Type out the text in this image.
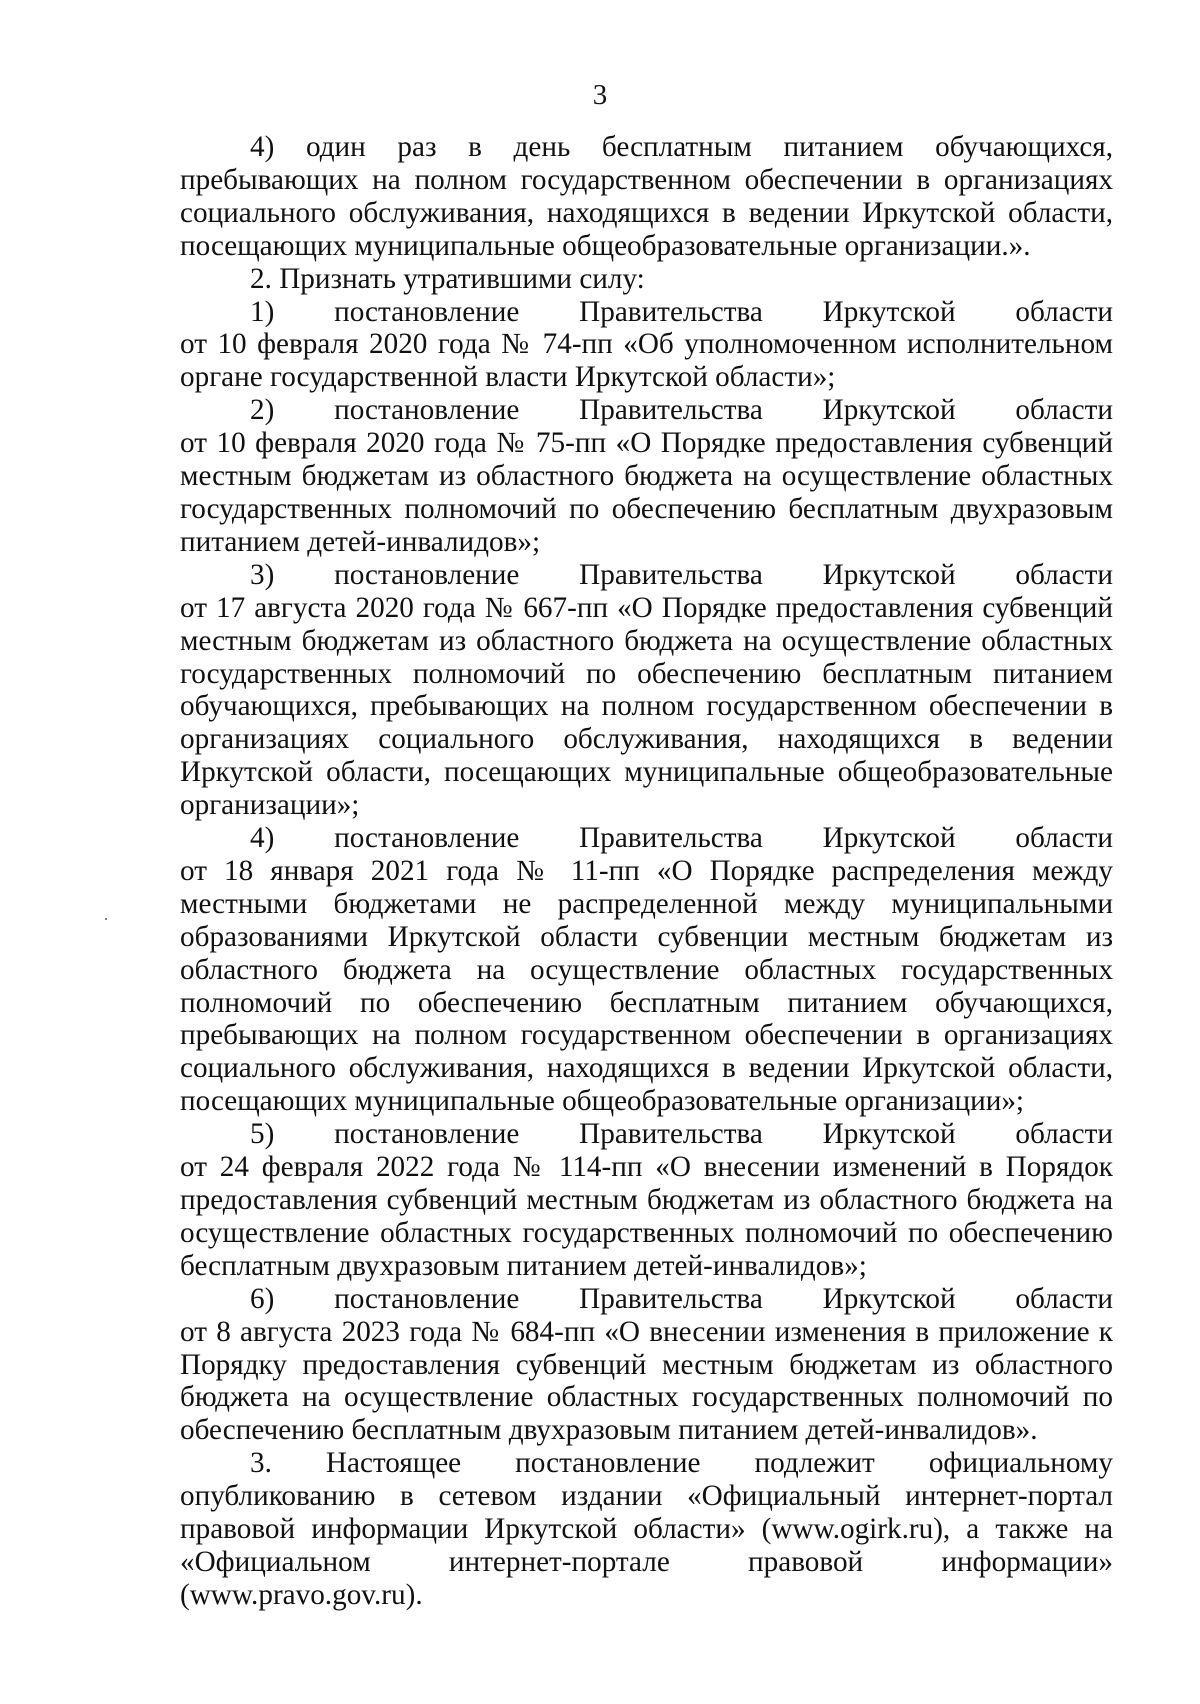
3

4) один раз в день бесплатным питанием обучающихся, пребывающих на полном государственном обеспечении в организациях социального обслуживания, находящихся в ведении Иркутской области, посещающих муниципальные общеобразовательные организации.».

2. Признать утратившими силу:

1) постановление Правительства Иркутской области

от 10 февраля 2020 года № 74-пп «Об уполномоченном исполнительном органе государственной власти Иркутской области»;

2) постановление Правительства Иркутской области

от 10 февраля 2020 года № 75-пп «О Порядке предоставления субвенций местным бюджетам из областного бюджета на осуществление областных государственных полномочий по обеспечению бесплатным двухразовым питанием детей-инвалидов»;

3) постановление Правительства Иркутской области

от 17 августа 2020 года № 667-пп «О Порядке предоставления субвенций местным бюджетам из областного бюджета на осуществление областных государственных полномочий по обеспечению бесплатным питанием обучающихся, пребывающих на полном государственном обеспечении в организациях социального обслуживания, находящихся в ведении Иркутской области, посещающих муниципальные общеобразовательные организации»;

4) постановление Правительства Иркутской области

от 18 января 2021 года № 11-пп «О Порядке распределения между местными бюджетами не распределенной между муниципальными образованиями Иркутской области субвенции местным бюджетам из областного бюджета на осуществление областных государственных полномочий по обеспечению бесплатным питанием обучающихся, пребывающих на полном государственном обеспечении в организациях социального обслуживания, находящихся в ведении Иркутской области, посещающих муниципальные общеобразовательные организации»;

5) постановление Правительства Иркутской области

от 24 февраля 2022 года № 114-пп «О внесении изменений в Порядок предоставления субвенций местным бюджетам из областного бюджета на осуществление областных государственных полномочий по обеспечению бесплатным двухразовым питанием детей-инвалидов»;

6) постановление Правительства Иркутской области

от 8 августа 2023 года № 684-пп «О внесении изменения в приложение к Порядку предоставления субвенций местным бюджетам из областного бюджета на осуществление областных государственных полномочий по обеспечению бесплатным двухразовым питанием детей-инвалидов».

3. Настоящее постановление подлежит официальному опубликованию в сетевом издании «Официальный интернет-портал правовой информации Иркутской области» (www.ogirk.ru), а также на «Официальном интернет-портале правовой информации» (www.pravo.gov.ru).
